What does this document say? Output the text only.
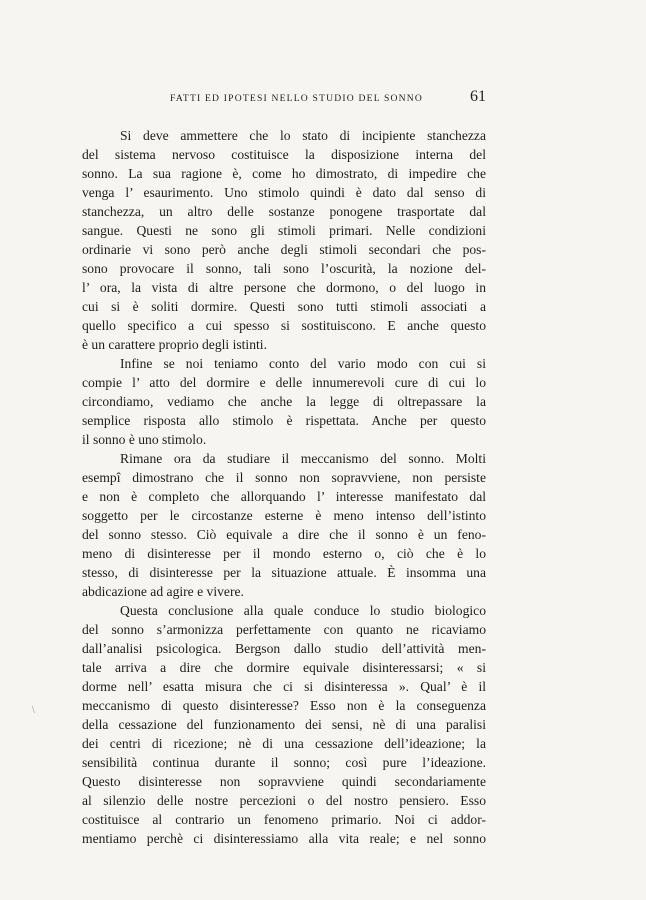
FATTI ED IPOTESI NELLO STUDIO DEL SONNO	61
Si deve ammettere che lo stato di incipiente stanchezza
del sistema nervoso costituisce la disposizione interna del
sonno. La sua ragione è, come ho dimostrato, di impedire che
venga l’ esaurimento. Uno stimolo quindi è dato dal senso di
stanchezza, un altro delle sostanze ponogene trasportate dal
sangue. Questi ne sono gli stimoli primari. Nelle condizioni
ordinarie vi sono però anche degli stimoli secondari che pos-
sono provocare il sonno, tali sono l’oscurità, la nozione del-
l’ ora, la vista di altre persone che dormono, o del luogo in
cui si è soliti dormire. Questi sono tutti stimoli associati a
quello specifico a cui spesso si sostituiscono. E anche questo
è un carattere proprio degli istinti.
Infine se noi teniamo conto del vario modo con cui si
compie l’ atto del dormire e delle innumerevoli cure di cui lo
circondiamo, vediamo che anche la legge di oltrepassare la
semplice risposta allo stimolo è rispettata. Anche per questo
il sonno è uno stimolo.
Rimane ora da studiare il meccanismo del sonno. Molti
esempî dimostrano che il sonno non sopravviene, non persiste
e non è completo che allorquando l’ interesse manifestato dal
soggetto per le circostanze esterne è meno intenso dell’istinto
del sonno stesso. Ciò equivale a dire che il sonno è un feno-
meno di disinteresse per il mondo esterno o, ciò che è lo
stesso, di disinteresse per la situazione attuale. È insomma una
abdicazione ad agire e vivere.
Questa conclusione alla quale conduce lo studio biologico
del sonno s’armonizza perfettamente con quanto ne ricaviamo
dall’analisi psicologica. Bergson dallo studio dell’attività men-
tale arriva a dire che dormire equivale disinteressarsi; « si
dorme nell’ esatta misura che ci si disinteressa ». Qual’ è il
meccanismo di questo disinteresse? Esso non è la conseguenza
della cessazione del funzionamento dei sensi, nè di una paralisi
dei centri di ricezione; nè di una cessazione dell’ideazione; la
sensibilità continua durante il sonno; così pure l’ideazione.
Questo disinteresse non sopravviene quindi secondariamente
al silenzio delle nostre percezioni o del nostro pensiero. Esso
costituisce al contrario un fenomeno primario. Noi ci addor-
mentiamo perchè ci disinteressiamo alla vita reale; e nel sonno
\
